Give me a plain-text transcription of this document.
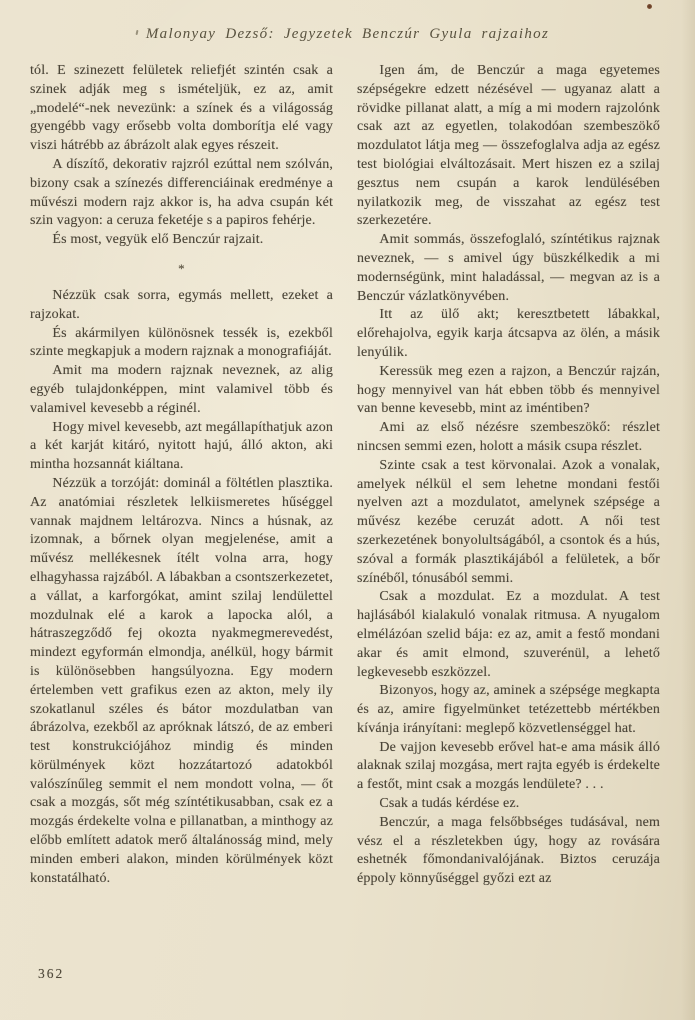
Malonyay Dezső: Jegyzetek Benczúr Gyula rajzaihoz

tól. E szinezett felületek reliefjét szintén csak a szinek adják meg s ismételjük, ez az, amit „modelé“-nek nevezünk: a színek és a világosság gyengébb vagy erősebb volta domborítja elé vagy viszi hátrébb az ábrázolt alak egyes részeit.

A díszítő, dekorativ rajzról ezúttal nem szólván, bizony csak a színezés differenciáinak eredménye a művészi modern rajz akkor is, ha adva csupán két szin vagyon: a ceruza feketéje s a papiros fehérje.

És most, vegyük elő Benczúr rajzait.

*

Nézzük csak sorra, egymás mellett, ezeket a rajzokat.

És akármilyen különösnek tessék is, ezekből szinte megkapjuk a modern rajznak a monografiáját.

Amit ma modern rajznak neveznek, az alig egyéb tulajdonképpen, mint valamivel több és valamivel kevesebb a réginél.

Hogy mivel kevesebb, azt megállapíthatjuk azon a két karját kitáró, nyitott hajú, álló akton, aki mintha hozsannát kiáltana.

Nézzük a torzóját: dominál a föltétlen plasztika. Az anatómiai részletek lelkiismeretes hűséggel vannak majdnem leltározva. Nincs a húsnak, az izomnak, a bőrnek olyan megjelenése, amit a művész mellékesnek ítélt volna arra, hogy elhagyhassa rajzából. A lábakban a csontszerkezetet, a vállat, a karforgókat, amint szilaj lendülettel mozdulnak elé a karok a lapocka alól, a hátraszegződő fej okozta nyakmegmerevedést, mindezt egyformán elmondja, anélkül, hogy bármit is különösebben hangsúlyozna. Egy modern értelemben vett grafikus ezen az akton, mely ily szokatlanul széles és bátor mozdulatban van ábrázolva, ezekből az apróknak látszó, de az emberi test konstrukciójához mindig és minden körülmények közt hozzátartozó adatokból valószínűleg semmit el nem mondott volna, — őt csak a mozgás, sőt még színtétikusabban, csak ez a mozgás érdekelte volna e pillanatban, a minthogy az előbb említett adatok merő általánosság mind, mely minden emberi alakon, minden körülmények közt konstatálható.

Igen ám, de Benczúr a maga egyetemes szépségekre edzett nézésével — ugyanaz alatt a rövidke pillanat alatt, a míg a mi modern rajzolónk csak azt az egyetlen, tolakodóan szembeszökő mozdulatot látja meg — összefoglalva adja az egész test biológiai elváltozásait. Mert hiszen ez a szilaj gesztus nem csupán a karok lendülésében nyilatkozik meg, de visszahat az egész test szerkezetére.

Amit sommás, összefoglaló, színtétikus rajznak neveznek, — s amivel úgy büszkélkedik a mi modernségünk, mint haladással, — megvan az is a Benczúr vázlatkönyvében.

Itt az ülő akt; keresztbetett lábakkal, előrehajolva, egyik karja átcsapva az ölén, a másik lenyúlik.

Keressük meg ezen a rajzon, a Benczúr rajzán, hogy mennyivel van hát ebben több és mennyivel van benne kevesebb, mint az iméntiben?

Ami az első nézésre szembeszökő: részlet nincsen semmi ezen, holott a másik csupa részlet.

Szinte csak a test körvonalai. Azok a vonalak, amelyek nélkül el sem lehetne mondani festői nyelven azt a mozdulatot, amelynek szépsége a művész kezébe ceruzát adott. A női test szerkezetének bonyolultságából, a csontok és a hús, szóval a formák plasztikájából a felületek, a bőr színéből, tónusából semmi.

Csak a mozdulat. Ez a mozdulat. A test hajlásából kialakuló vonalak ritmusa. A nyugalom elmélázóan szelid bája: ez az, amit a festő mondani akar és amit elmond, szuverénül, a lehető legkevesebb eszközzel.

Bizonyos, hogy az, aminek a szépsége megkapta és az, amire figyelmünket tetézettebb mértékben kívánja irányítani: meglepő közvetlenséggel hat.

De vajjon kevesebb erővel hat-e ama másik álló alaknak szilaj mozgása, mert rajta egyéb is érdekelte a festőt, mint csak a mozgás lendülete? . . .

Csak a tudás kérdése ez.

Benczúr, a maga felsőbbséges tudásával, nem vész el a részletekben úgy, hogy az rovására eshetnék főmondanivalójának. Biztos ceruzája éppoly könnyűséggel győzi ezt az

362
